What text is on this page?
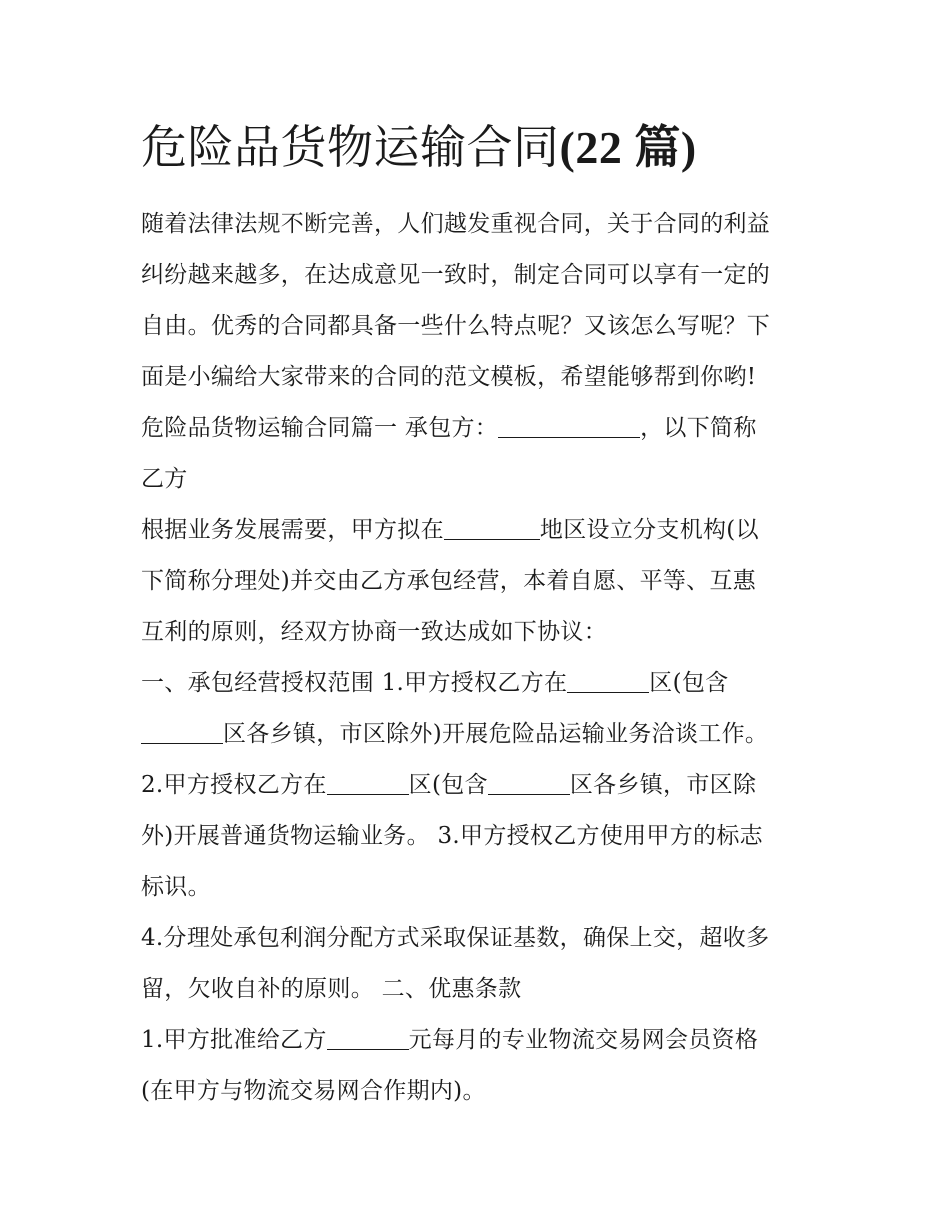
危险品货物运输合同(22 篇)

随着法律法规不断完善，人们越发重视合同，关于合同的利益

纠纷越来越多，在达成意见一致时，制定合同可以享有一定的

自由。优秀的合同都具备一些什么特点呢？又该怎么写呢？下

面是小编给大家带来的合同的范文模板，希望能够帮到你哟!

危险品货物运输合同篇一 承包方：	，以下简称

乙方

根据业务发展需要，甲方拟在	地区设立分支机构(以

下简称分理处)并交由乙方承包经营，本着自愿、平等、互惠

互利的原则，经双方协商一致达成如下协议：

一、承包经营授权范围 1.甲方授权乙方在	区(包含

区各乡镇，市区除外)开展危险品运输业务洽谈工作。

2.甲方授权乙方在	区(包含	区各乡镇，市区除

外)开展普通货物运输业务。 3.甲方授权乙方使用甲方的标志

标识。

4.分理处承包利润分配方式采取保证基数，确保上交，超收多

留，欠收自补的原则。 二、优惠条款

1.甲方批准给乙方	元每月的专业物流交易网会员资格

(在甲方与物流交易网合作期内)。
